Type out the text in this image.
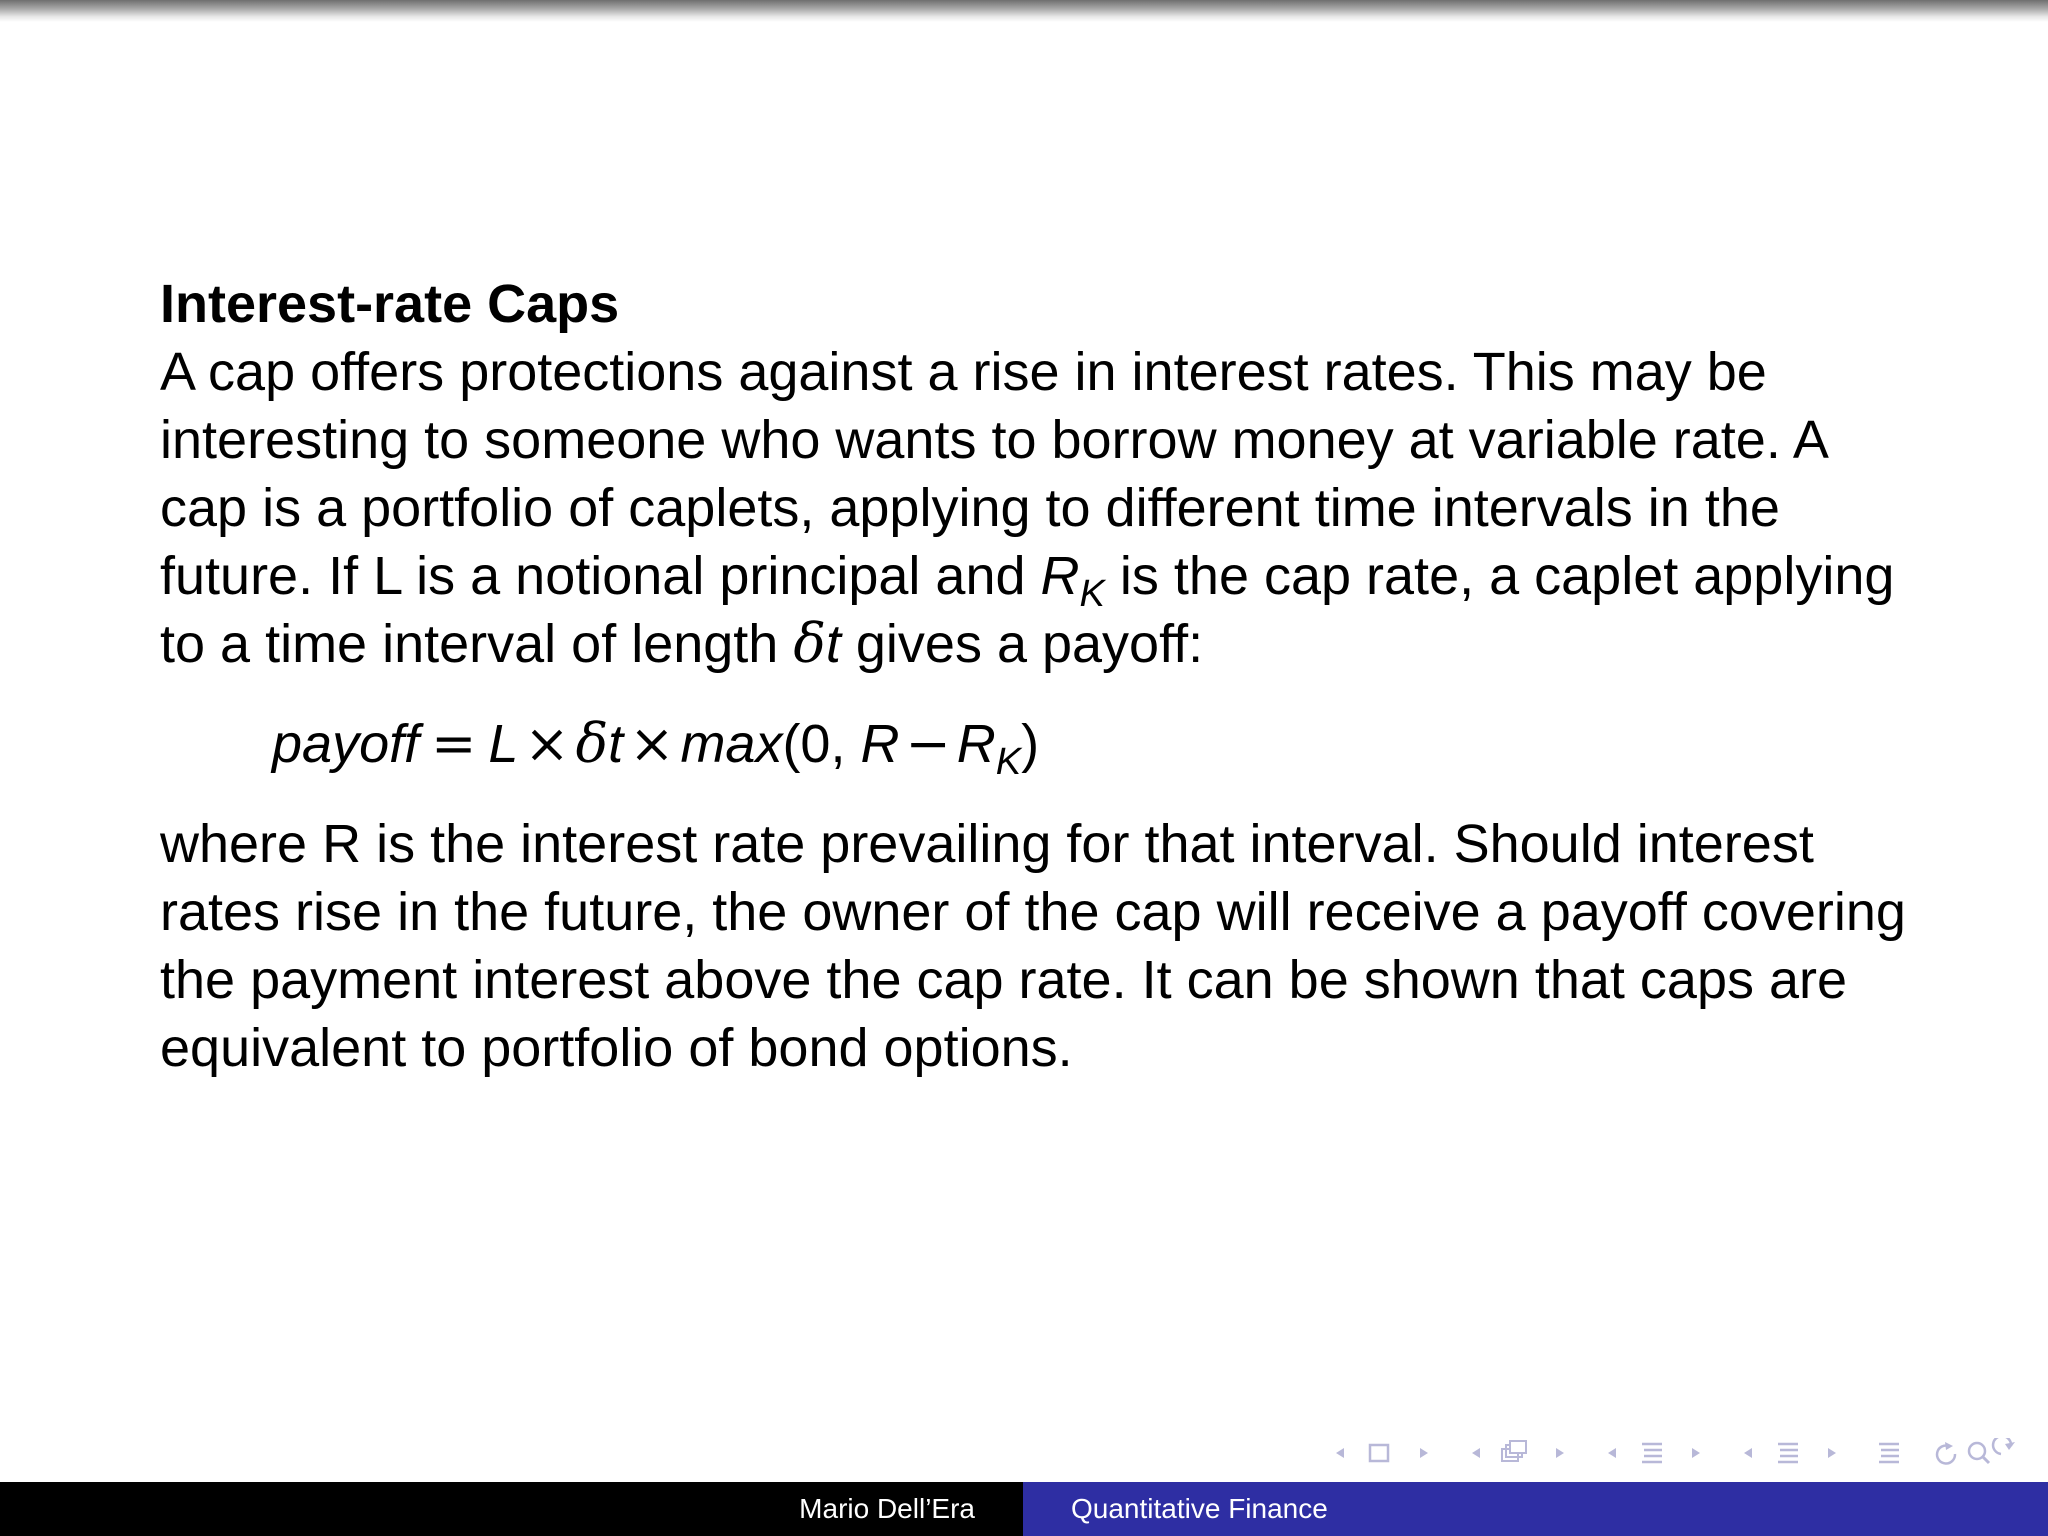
Interest-rate Caps

A cap offers protections against a rise in interest rates. This may be interesting to someone who wants to borrow money at variable rate. A cap is a portfolio of caplets, applying to different time intervals in the future. If L is a notional principal and $R_K$ is the cap rate, a caplet applying to a time interval of length δt gives a payoff:

payoff = L × δt × max(0, $R - R_K$)

where R is the interest rate prevailing for that interval. Should interest rates rise in the future, the owner of the cap will receive a payoff covering the payment interest above the cap rate. It can be shown that caps are equivalent to portfolio of bond options.

Mario Dell’Era	Quantitative Finance
